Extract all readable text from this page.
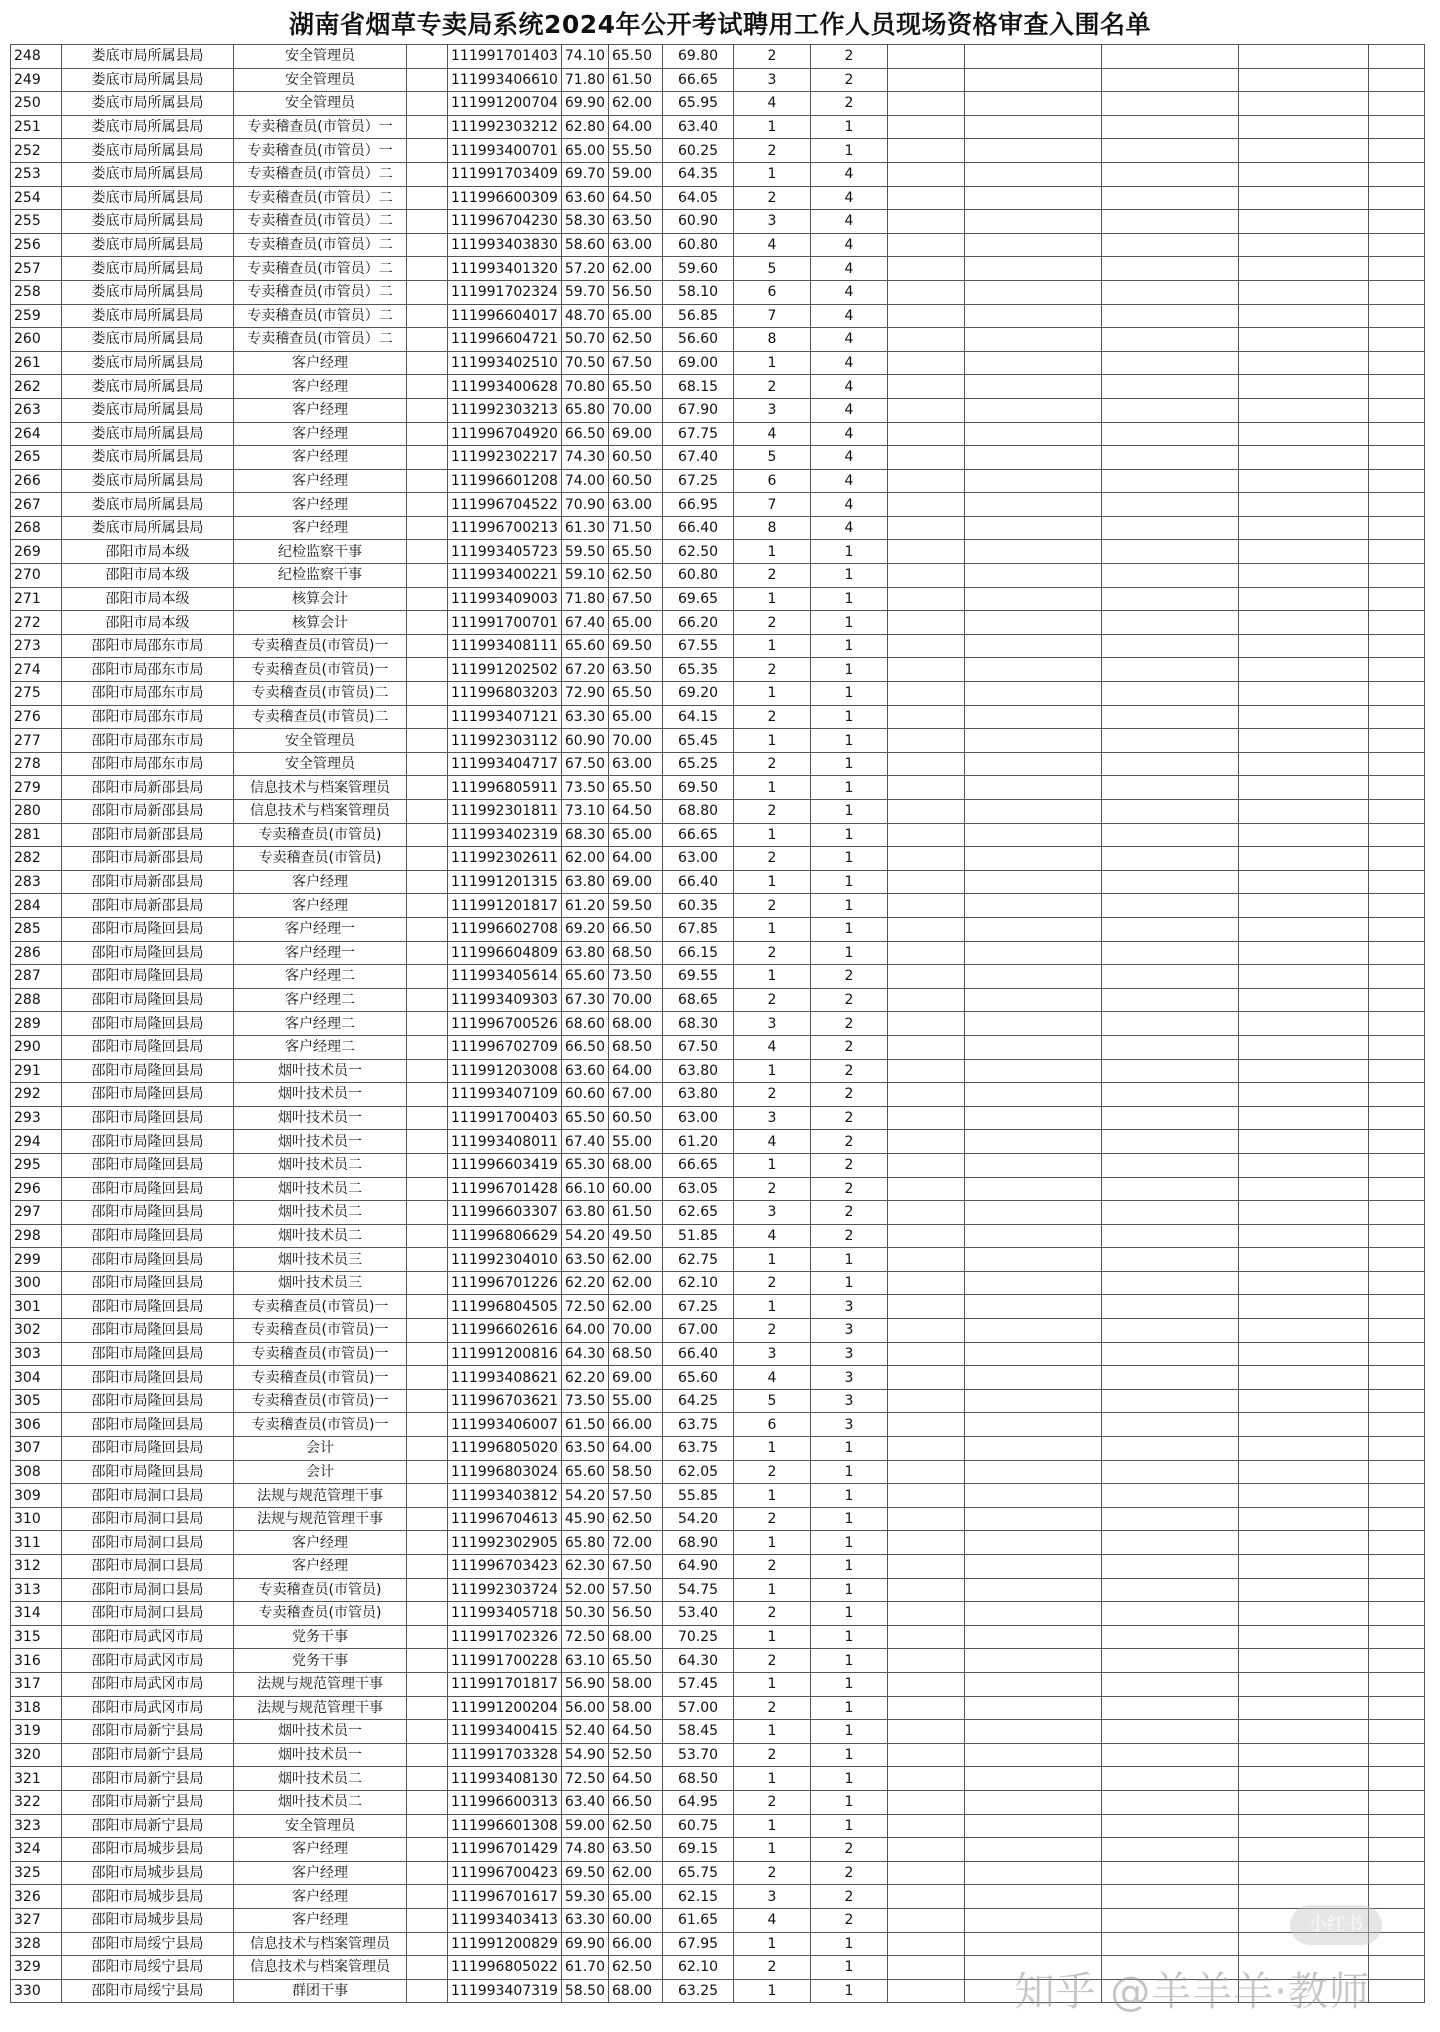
湖南省烟草专卖局系统2024年公开考试聘用工作人员现场资格审查入围名单
248	娄底市局所属县局	安全管理员		111991701403	74.10	65.50	69.80	2	2					
249	娄底市局所属县局	安全管理员		111993406610	71.80	61.50	66.65	3	2					
250	娄底市局所属县局	安全管理员		111991200704	69.90	62.00	65.95	4	2					
251	娄底市局所属县局	专卖稽查员(市管员）一		111992303212	62.80	64.00	63.40	1	1					
252	娄底市局所属县局	专卖稽查员(市管员）一		111993400701	65.00	55.50	60.25	2	1					
253	娄底市局所属县局	专卖稽查员(市管员）二		111991703409	69.70	59.00	64.35	1	4					
254	娄底市局所属县局	专卖稽查员(市管员）二		111996600309	63.60	64.50	64.05	2	4					
255	娄底市局所属县局	专卖稽查员(市管员）二		111996704230	58.30	63.50	60.90	3	4					
256	娄底市局所属县局	专卖稽查员(市管员）二		111993403830	58.60	63.00	60.80	4	4					
257	娄底市局所属县局	专卖稽查员(市管员）二		111993401320	57.20	62.00	59.60	5	4					
258	娄底市局所属县局	专卖稽查员(市管员）二		111991702324	59.70	56.50	58.10	6	4					
259	娄底市局所属县局	专卖稽查员(市管员）二		111996604017	48.70	65.00	56.85	7	4					
260	娄底市局所属县局	专卖稽查员(市管员）二		111996604721	50.70	62.50	56.60	8	4					
261	娄底市局所属县局	客户经理		111993402510	70.50	67.50	69.00	1	4					
262	娄底市局所属县局	客户经理		111993400628	70.80	65.50	68.15	2	4					
263	娄底市局所属县局	客户经理		111992303213	65.80	70.00	67.90	3	4					
264	娄底市局所属县局	客户经理		111996704920	66.50	69.00	67.75	4	4					
265	娄底市局所属县局	客户经理		111992302217	74.30	60.50	67.40	5	4					
266	娄底市局所属县局	客户经理		111996601208	74.00	60.50	67.25	6	4					
267	娄底市局所属县局	客户经理		111996704522	70.90	63.00	66.95	7	4					
268	娄底市局所属县局	客户经理		111996700213	61.30	71.50	66.40	8	4					
269	邵阳市局本级	纪检监察干事		111993405723	59.50	65.50	62.50	1	1					
270	邵阳市局本级	纪检监察干事		111993400221	59.10	62.50	60.80	2	1					
271	邵阳市局本级	核算会计		111993409003	71.80	67.50	69.65	1	1					
272	邵阳市局本级	核算会计		111991700701	67.40	65.00	66.20	2	1					
273	邵阳市局邵东市局	专卖稽查员(市管员)一		111993408111	65.60	69.50	67.55	1	1					
274	邵阳市局邵东市局	专卖稽查员(市管员)一		111991202502	67.20	63.50	65.35	2	1					
275	邵阳市局邵东市局	专卖稽查员(市管员)二		111996803203	72.90	65.50	69.20	1	1					
276	邵阳市局邵东市局	专卖稽查员(市管员)二		111993407121	63.30	65.00	64.15	2	1					
277	邵阳市局邵东市局	安全管理员		111992303112	60.90	70.00	65.45	1	1					
278	邵阳市局邵东市局	安全管理员		111993404717	67.50	63.00	65.25	2	1					
279	邵阳市局新邵县局	信息技术与档案管理员		111996805911	73.50	65.50	69.50	1	1					
280	邵阳市局新邵县局	信息技术与档案管理员		111992301811	73.10	64.50	68.80	2	1					
281	邵阳市局新邵县局	专卖稽查员(市管员)		111993402319	68.30	65.00	66.65	1	1					
282	邵阳市局新邵县局	专卖稽查员(市管员)		111992302611	62.00	64.00	63.00	2	1					
283	邵阳市局新邵县局	客户经理		111991201315	63.80	69.00	66.40	1	1					
284	邵阳市局新邵县局	客户经理		111991201817	61.20	59.50	60.35	2	1					
285	邵阳市局隆回县局	客户经理一		111996602708	69.20	66.50	67.85	1	1					
286	邵阳市局隆回县局	客户经理一		111996604809	63.80	68.50	66.15	2	1					
287	邵阳市局隆回县局	客户经理二		111993405614	65.60	73.50	69.55	1	2					
288	邵阳市局隆回县局	客户经理二		111993409303	67.30	70.00	68.65	2	2					
289	邵阳市局隆回县局	客户经理二		111996700526	68.60	68.00	68.30	3	2					
290	邵阳市局隆回县局	客户经理二		111996702709	66.50	68.50	67.50	4	2					
291	邵阳市局隆回县局	烟叶技术员一		111991203008	63.60	64.00	63.80	1	2					
292	邵阳市局隆回县局	烟叶技术员一		111993407109	60.60	67.00	63.80	2	2					
293	邵阳市局隆回县局	烟叶技术员一		111991700403	65.50	60.50	63.00	3	2					
294	邵阳市局隆回县局	烟叶技术员一		111993408011	67.40	55.00	61.20	4	2					
295	邵阳市局隆回县局	烟叶技术员二		111996603419	65.30	68.00	66.65	1	2					
296	邵阳市局隆回县局	烟叶技术员二		111996701428	66.10	60.00	63.05	2	2					
297	邵阳市局隆回县局	烟叶技术员二		111996603307	63.80	61.50	62.65	3	2					
298	邵阳市局隆回县局	烟叶技术员二		111996806629	54.20	49.50	51.85	4	2					
299	邵阳市局隆回县局	烟叶技术员三		111992304010	63.50	62.00	62.75	1	1					
300	邵阳市局隆回县局	烟叶技术员三		111996701226	62.20	62.00	62.10	2	1					
301	邵阳市局隆回县局	专卖稽查员(市管员)一		111996804505	72.50	62.00	67.25	1	3					
302	邵阳市局隆回县局	专卖稽查员(市管员)一		111996602616	64.00	70.00	67.00	2	3					
303	邵阳市局隆回县局	专卖稽查员(市管员)一		111991200816	64.30	68.50	66.40	3	3					
304	邵阳市局隆回县局	专卖稽查员(市管员)一		111993408621	62.20	69.00	65.60	4	3					
305	邵阳市局隆回县局	专卖稽查员(市管员)一		111996703621	73.50	55.00	64.25	5	3					
306	邵阳市局隆回县局	专卖稽查员(市管员)一		111993406007	61.50	66.00	63.75	6	3					
307	邵阳市局隆回县局	会计		111996805020	63.50	64.00	63.75	1	1					
308	邵阳市局隆回县局	会计		111996803024	65.60	58.50	62.05	2	1					
309	邵阳市局洞口县局	法规与规范管理干事		111993403812	54.20	57.50	55.85	1	1					
310	邵阳市局洞口县局	法规与规范管理干事		111996704613	45.90	62.50	54.20	2	1					
311	邵阳市局洞口县局	客户经理		111992302905	65.80	72.00	68.90	1	1					
312	邵阳市局洞口县局	客户经理		111996703423	62.30	67.50	64.90	2	1					
313	邵阳市局洞口县局	专卖稽查员(市管员)		111992303724	52.00	57.50	54.75	1	1					
314	邵阳市局洞口县局	专卖稽查员(市管员)		111993405718	50.30	56.50	53.40	2	1					
315	邵阳市局武冈市局	党务干事		111991702326	72.50	68.00	70.25	1	1					
316	邵阳市局武冈市局	党务干事		111991700228	63.10	65.50	64.30	2	1					
317	邵阳市局武冈市局	法规与规范管理干事		111991701817	56.90	58.00	57.45	1	1					
318	邵阳市局武冈市局	法规与规范管理干事		111991200204	56.00	58.00	57.00	2	1					
319	邵阳市局新宁县局	烟叶技术员一		111993400415	52.40	64.50	58.45	1	1					
320	邵阳市局新宁县局	烟叶技术员一		111991703328	54.90	52.50	53.70	2	1					
321	邵阳市局新宁县局	烟叶技术员二		111993408130	72.50	64.50	68.50	1	1					
322	邵阳市局新宁县局	烟叶技术员二		111996600313	63.40	66.50	64.95	2	1					
323	邵阳市局新宁县局	安全管理员		111996601308	59.00	62.50	60.75	1	1					
324	邵阳市局城步县局	客户经理		111996701429	74.80	63.50	69.15	1	2					
325	邵阳市局城步县局	客户经理		111996700423	69.50	62.00	65.75	2	2					
326	邵阳市局城步县局	客户经理		111996701617	59.30	65.00	62.15	3	2					
327	邵阳市局城步县局	客户经理		111993403413	63.30	60.00	61.65	4	2					
328	邵阳市局绥宁县局	信息技术与档案管理员		111991200829	69.90	66.00	67.95	1	1					
329	邵阳市局绥宁县局	信息技术与档案管理员		111996805022	61.70	62.50	62.10	2	1					
330	邵阳市局绥宁县局	群团干事		111993407319	58.50	68.00	63.25	1	1					
小红书
知乎 @羊羊羊·教师
